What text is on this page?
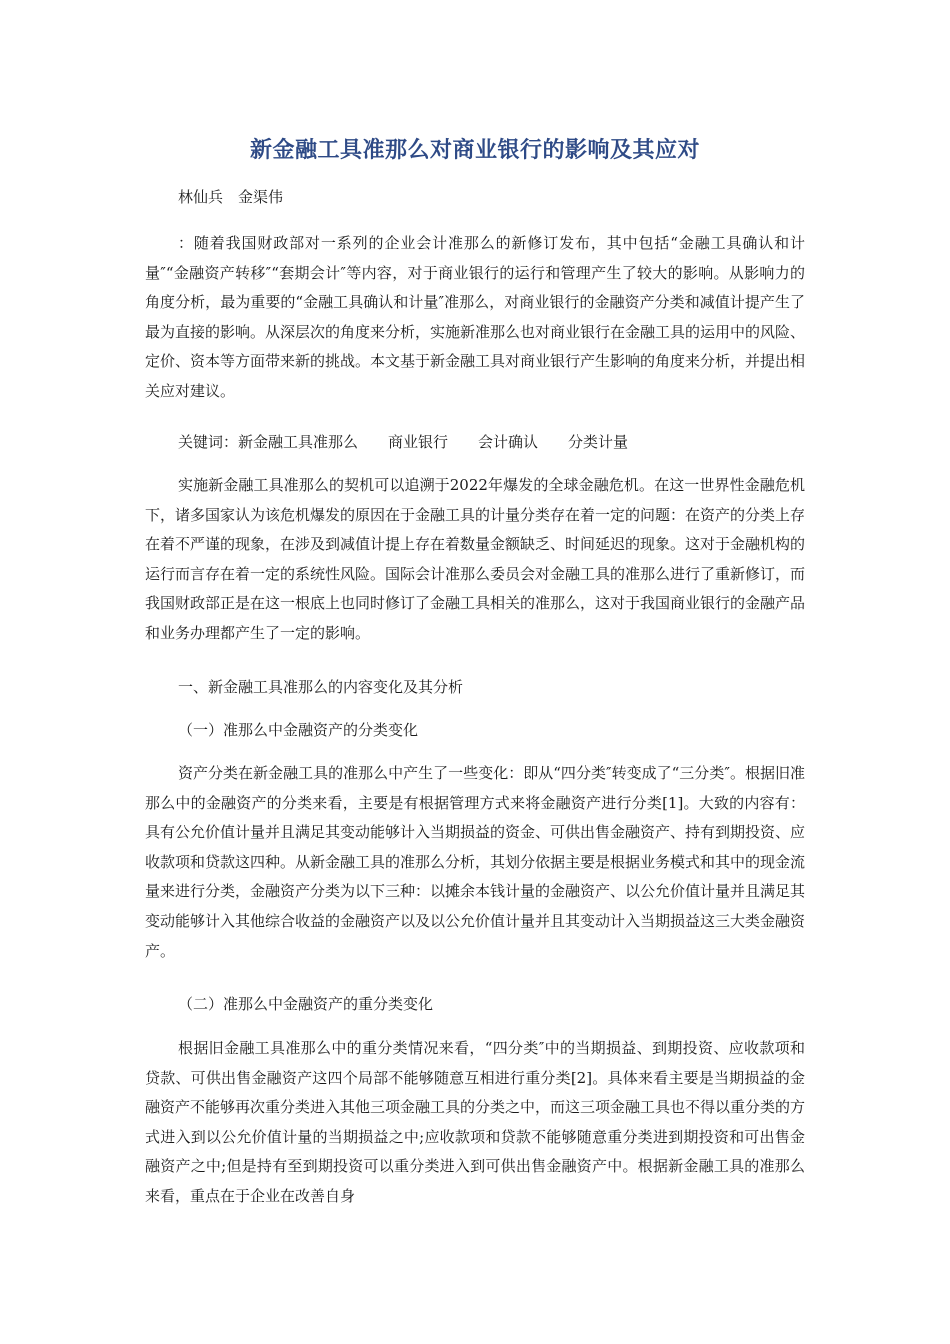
新金融工具准那么对商业银行的影响及其应对
林仙兵　金渠伟

：随着我国财政部对一系列的企业会计准那么的新修订发布，其中包括“金融工具确认和计量″“金融资产转移″“套期会计″等内容，对于商业银行的运行和管理产生了较大的影响。从影响力的角度分析，最为重要的“金融工具确认和计量″准那么，对商业银行的金融资产分类和减值计提产生了最为直接的影响。从深层次的角度来分析，实施新准那么也对商业银行在金融工具的运用中的风险、定价、资本等方面带来新的挑战。本文基于新金融工具对商业银行产生影响的角度来分析，并提出相关应对建议。

关键词：新金融工具准那么　　商业银行　　会计确认　　分类计量

实施新金融工具准那么的契机可以追溯于2022年爆发的全球金融危机。在这一世界性金融危机下，诸多国家认为该危机爆发的原因在于金融工具的计量分类存在着一定的问题：在资产的分类上存在着不严谨的现象，在涉及到减值计提上存在着数量金额缺乏、时间延迟的现象。这对于金融机构的运行而言存在着一定的系统性风险。国际会计准那么委员会对金融工具的准那么进行了重新修订，而我国财政部正是在这一根底上也同时修订了金融工具相关的准那么，这对于我国商业银行的金融产品和业务办理都产生了一定的影响。

一、新金融工具准那么的内容变化及其分析
（一）准那么中金融资产的分类变化

资产分类在新金融工具的准那么中产生了一些变化：即从“四分类″转变成了“三分类″。根据旧准那么中的金融资产的分类来看，主要是有根据管理方式来将金融资产进行分类[1]。大致的内容有：具有公允价值计量并且满足其变动能够计入当期损益的资金、可供出售金融资产、持有到期投资、应收款项和贷款这四种。从新金融工具的准那么分析，其划分依据主要是根据业务模式和其中的现金流量来进行分类，金融资产分类为以下三种：以摊余本钱计量的金融资产、以公允价值计量并且满足其变动能够计入其他综合收益的金融资产以及以公允价值计量并且其变动计入当期损益这三大类金融资产。

（二）准那么中金融资产的重分类变化

根据旧金融工具准那么中的重分类情况来看，“四分类″中的当期损益、到期投资、应收款项和贷款、可供出售金融资产这四个局部不能够随意互相进行重分类[2]。具体来看主要是当期损益的金融资产不能够再次重分类进入其他三项金融工具的分类之中，而这三项金融工具也不得以重分类的方式进入到以公允价值计量的当期损益之中;应收款项和贷款不能够随意重分类进到期投资和可出售金融资产之中;但是持有至到期投资可以重分类进入到可供出售金融资产中。根据新金融工具的准那么来看，重点在于企业在改善自身
